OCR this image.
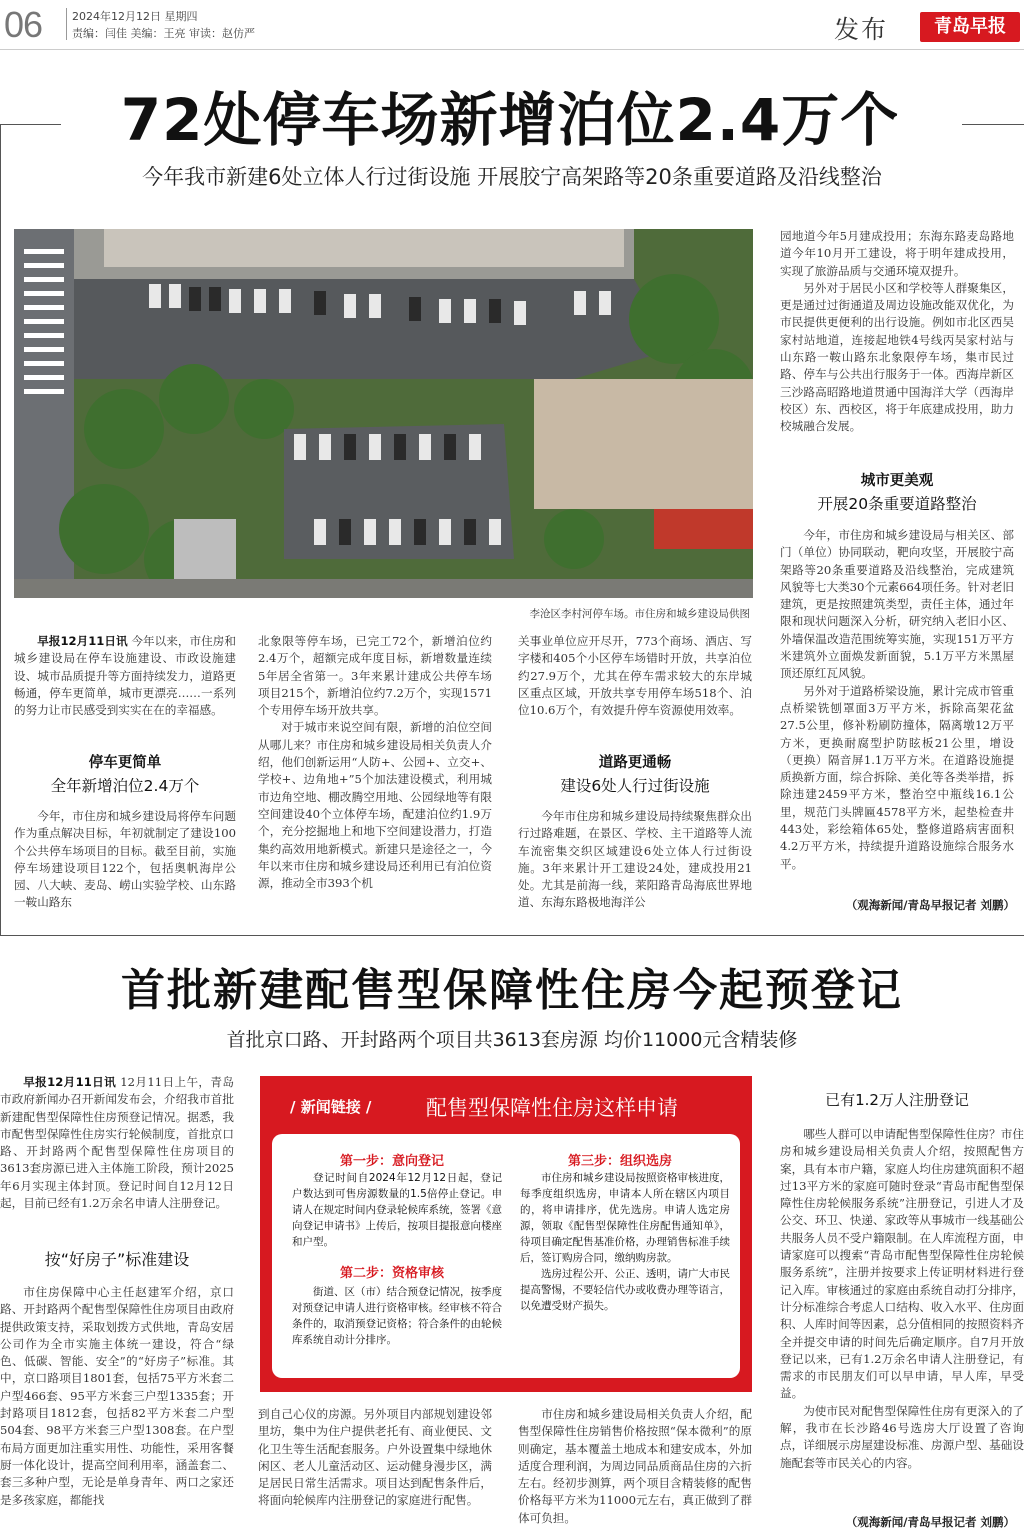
06	2024年12月12日 星期四
责编：闫佳 美编：王亮 审读：赵仿严	发布	青岛早报
72处停车场新增泊位2.4万个
今年我市新建6处立体人行过街设施 开展胶宁高架路等20条重要道路及沿线整治
李沧区李村河停车场。市住房和城乡建设局供图

早报12月11日讯 今年以来，市住房和城乡建设局在停车设施建设、市政设施建设、城市品质提升等方面持续发力，道路更畅通，停车更简单，城市更漂亮……一系列的努力让市民感受到实实在在的幸福感。

停车更简单
全年新增泊位2.4万个

今年，市住房和城乡建设局将停车问题作为重点解决目标，年初就制定了建设100个公共停车场项目的目标。截至目前，实施停车场建设项目122个，包括奥帆海岸公园、八大峡、麦岛、崂山实验学校、山东路一鞍山路东

北象限等停车场，已完工72个，新增泊位约2.4万个，超额完成年度目标，新增数量连续5年居全省第一。3年来累计建成公共停车场项目215个，新增泊位约7.2万个，实现1571个专用停车场开放共享。

对于城市来说空间有限，新增的泊位空间从哪儿来？市住房和城乡建设局相关负责人介绍，他们创新运用“人防+、公园+、立交+、学校+、边角地+”5个加法建设模式，利用城市边角空地、棚改腾空用地、公园绿地等有限空间建设40个立体停车场，配建泊位约1.9万个，充分挖掘地上和地下空间建设潜力，打造集约高效用地新模式。新建只是途径之一，今年以来市住房和城乡建设局还利用已有泊位资源，推动全市393个机

关事业单位应开尽开，773个商场、酒店、写字楼和405个小区停车场错时开放，共享泊位约27.9万个，尤其在停车需求较大的东岸城区重点区域，开放共享专用停车场518个、泊位10.6万个，有效提升停车资源使用效率。

道路更通畅
建设6处人行过街设施

今年市住房和城乡建设局持续聚焦群众出行过路难题，在景区、学校、主干道路等人流车流密集交织区域建设6处立体人行过街设施。3年来累计开工建设24处，建成投用21处。尤其是前海一线，莱阳路青岛海底世界地道、东海东路极地海洋公

园地道今年5月建成投用；东海东路麦岛路地道今年10月开工建设，将于明年建成投用，实现了旅游品质与交通环境双提升。

另外对于居民小区和学校等人群聚集区，更是通过过街通道及周边设施改能双优化，为市民提供更便利的出行设施。例如市北区西吴家村站地道，连接起地铁4号线丙吴家村站与山东路一鞍山路东北象限停车场，集市民过路、停车与公共出行服务于一体。西海岸新区三沙路高昭路地道贯通中国海洋大学（西海岸校区）东、西校区，将于年底建成投用，助力校城融合发展。

城市更美观
开展20条重要道路整治

今年，市住房和城乡建设局与相关区、部门（单位）协同联动，靶向攻坚，开展胶宁高架路等20条重要道路及沿线整治，完成建筑风貌等七大类30个元素664项任务。针对老旧建筑，更是按照建筑类型，责任主体，通过年限和现状问题深入分析，研究纳入老旧小区、外墙保温改造范围统筹实施，实现151万平方米建筑外立面焕发新面貌，5.1万平方米黑屋顶还原红瓦风貌。

另外对于道路桥梁设施，累计完成市管重点桥梁铣刨罩面3万平方米，拆除高架花盆27.5公里，修补粉刷防撞体，隔离墩12万平方米，更换耐腐型护防眩板21公里，增设（更换）隔音屏1.1万平方米。在道路设施提质换新方面，综合拆除、美化等各类举措，拆除违建2459平方米，整治空中瓶线16.1公里，规范门头牌匾4578平方米，起垫检查井443处，彩绘箱体65处，整修道路病害面积4.2万平方米，持续提升道路设施综合服务水平。

（观海新闻/青岛早报记者 刘鹏）
首批新建配售型保障性住房今起预登记
首批京口路、开封路两个项目共3613套房源 均价11000元含精装修

早报12月11日讯 12月11日上午，青岛市政府新闻办召开新闻发布会，介绍我市首批新建配售型保障性住房预登记情况。据悉，我市配售型保障性住房实行轮候制度，首批京口路、开封路两个配售型保障性住房项目的3613套房源已进入主体施工阶段，预计2025年6月实现主体封顶。登记时间自12月12日起，目前已经有1.2万余名申请人注册登记。

按“好房子”标准建设

市住房保障中心主任赵建军介绍，京口路、开封路两个配售型保障性住房项目由政府提供政策支持，采取划拨方式供地，青岛安居公司作为全市实施主体统一建设，符合“绿色、低碳、智能、安全”的“好房子”标准。其中，京口路项目1801套，包括75平方米套二户型466套、95平方米套三户型1335套；开封路项目1812套，包括82平方米套二户型504套、98平方米套三户型1308套。在户型布局方面更加注重实用性、功能性，采用客餐厨一体化设计，提高空间利用率，涵盖套二、套三多种户型，无论是单身青年、两口之家还是多孩家庭，都能找

/ 新闻链接 /	配售型保障性住房这样申请
第一步：意向登记

登记时间自2024年12月12日起，登记户数达到可售房源数量的1.5倍停止登记。申请人在规定时间内登录轮候库系统，签署《意向登记申请书》上传后，按项目提报意向楼座和户型。

第二步：资格审核

街道、区（市）结合预登记情况，按季度对预登记申请人进行资格审核。经审核不符合条件的，取消预登记资格；符合条件的由轮候库系统自动计分排序。

第三步：组织选房

市住房和城乡建设局按照资格审核进度，每季度组织选房，申请本人所在辖区内项目的，将申请排序，优先选房。申请人选定房源，领取《配售型保障性住房配售通知单》，待项目确定配售基准价格，办理销售标准手续后，签订购房合同，缴纳购房款。

选房过程公开、公正、透明，请广大市民提高警惕，不要轻信代办或收费办理等语言，以免遭受财产损失。

到自己心仪的房源。另外项目内部规划建设邻里坊，集中为住户提供老托有、商业便民、文化卫生等生活配套服务。户外设置集中绿地休闲区、老人儿童活动区、运动健身漫步区，满足居民日常生活需求。项目达到配售条件后，将面向轮候库内注册登记的家庭进行配售。

市住房和城乡建设局相关负责人介绍，配售型保障性住房销售价格按照“保本微利”的原则确定，基本覆盖土地成本和建安成本，外加适度合理利润，为周边同品质商品住房的六折左右。经初步测算，两个项目含精装修的配售价格每平方米为11000元左右，真正做到了群体可负担。

已有1.2万人注册登记

哪些人群可以申请配售型保障性住房？市住房和城乡建设局相关负责人介绍，按照配售方案，具有本市户籍，家庭人均住房建筑面积不超过13平方米的家庭可随时登录“青岛市配售型保障性住房轮候服务系统”注册登记，引进人才及公交、环卫、快递、家政等从事城市一线基础公共服务人员不受户籍限制。在人库流程方面，申请家庭可以搜索“青岛市配售型保障性住房轮候服务系统”，注册并按要求上传证明材料进行登记入库。审核通过的家庭由系统自动打分排序，计分标准综合考虑人口结构、收入水平、住房面积、人库时间等因素，总分值相同的按照资料齐全并提交申请的时间先后确定顺序。自7月开放登记以来，已有1.2万余名申请人注册登记，有需求的市民朋友们可以早申请，早人库，早受益。

为使市民对配售型保障性住房有更深入的了解，我市在长沙路46号选房大厅设置了咨询点，详细展示房屋建设标准、房源户型、基础设施配套等市民关心的内容。

（观海新闻/青岛早报记者 刘鹏）
